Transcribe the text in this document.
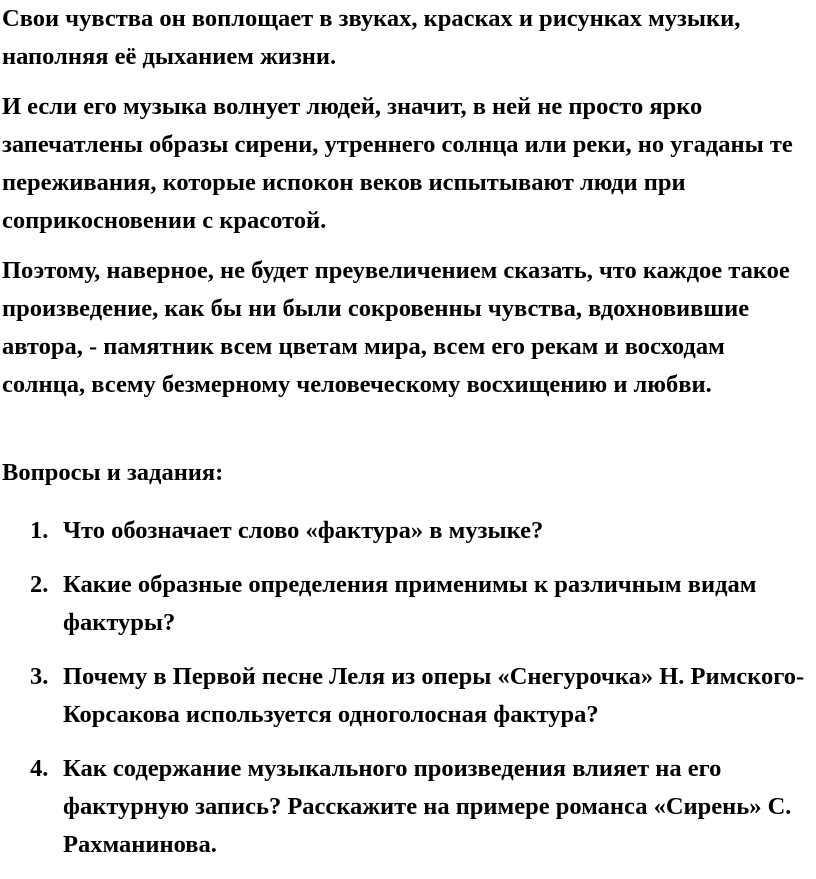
Свои чувства он воплощает в звуках, красках и рисунках музыки, наполняя её дыханием жизни.

И если его музыка волнует людей, значит, в ней не просто ярко запечатлены образы сирени, утреннего солнца или реки, но угаданы те переживания, которые испокон веков испытывают люди при соприкосновении с красотой.

Поэтому, наверное, не будет преувеличением сказать, что каждое такое произведение, как бы ни были сокровенны чувства, вдохновившие автора, - памятник всем цветам мира, всем его рекам и восходам солнца, всему безмерному человеческому восхищению и любви.

Вопросы и задания:

1. Что обозначает слово «фактура» в музыке?
2. Какие образные определения применимы к различным видам фактуры?
3. Почему в Первой песне Леля из оперы «Снегурочка» Н. Римского-Корсакова используется одноголосная фактура?
4. Как содержание музыкального произведения влияет на его фактурную запись? Расскажите на примере романса «Сирень» С. Рахманинова.
